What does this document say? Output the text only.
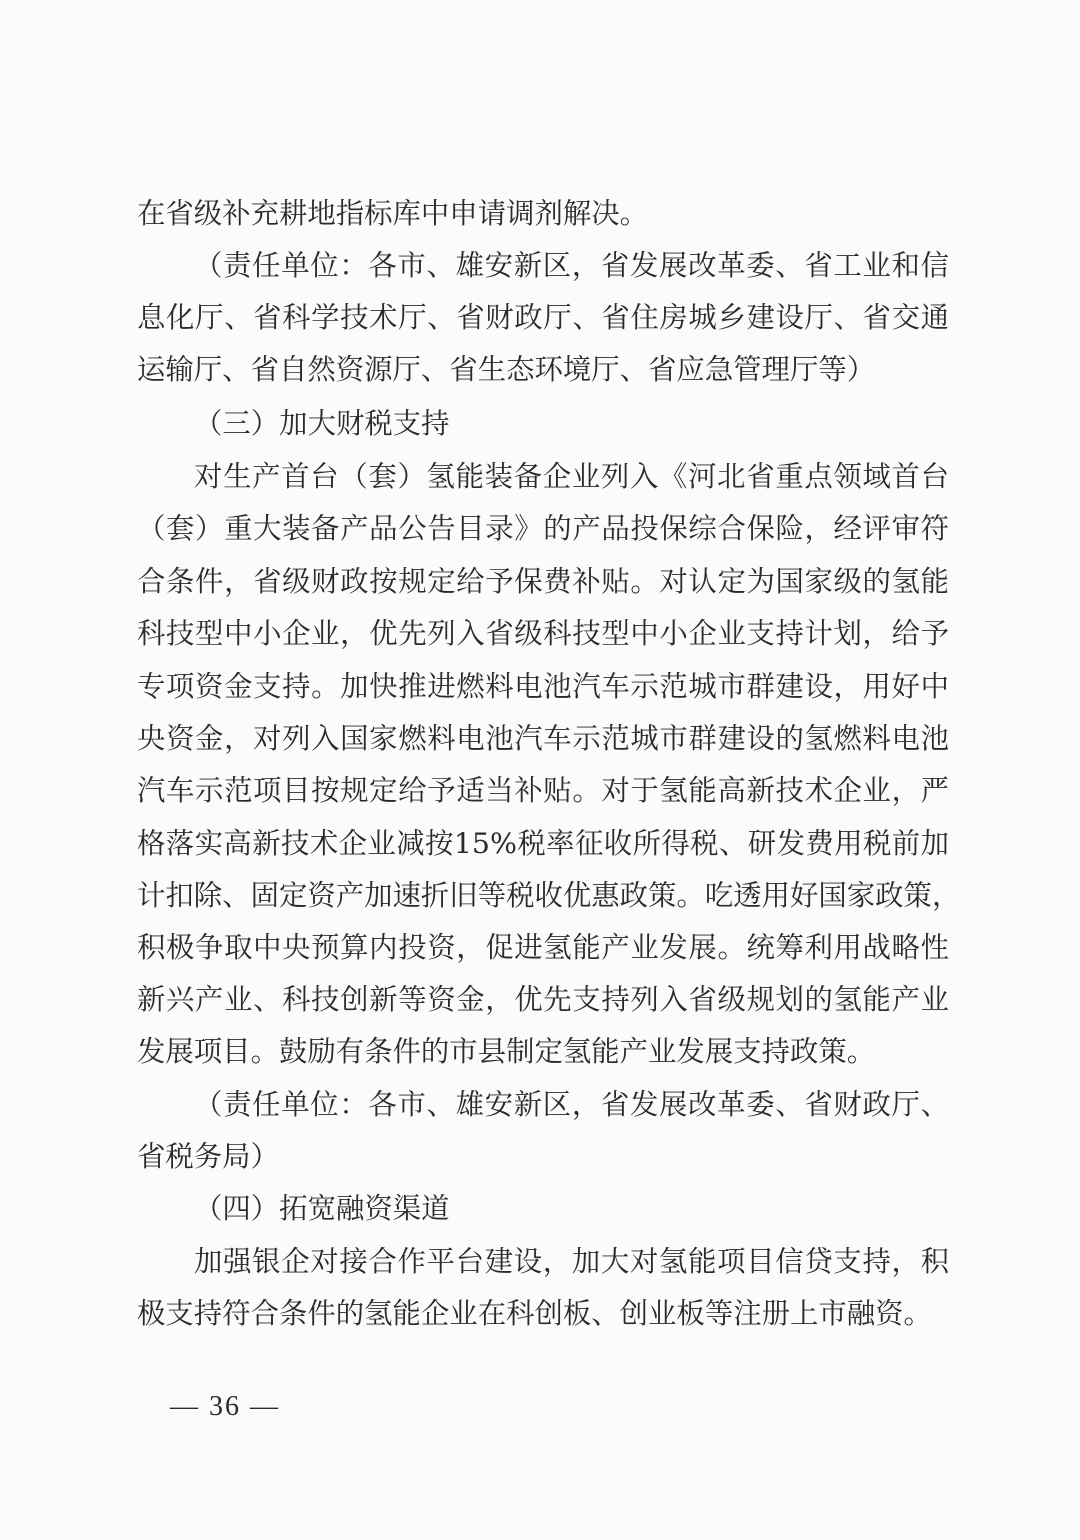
在省级补充耕地指标库中申请调剂解决。
（责任单位：各市、雄安新区，省发展改革委、省工业和信
息化厅、省科学技术厅、省财政厅、省住房城乡建设厅、省交通
运输厅、省自然资源厅、省生态环境厅、省应急管理厅等）
（三）加大财税支持
对生产首台（套）氢能装备企业列入《河北省重点领域首台
（套）重大装备产品公告目录》的产品投保综合保险，经评审符
合条件，省级财政按规定给予保费补贴。对认定为国家级的氢能
科技型中小企业，优先列入省级科技型中小企业支持计划，给予
专项资金支持。加快推进燃料电池汽车示范城市群建设，用好中
央资金，对列入国家燃料电池汽车示范城市群建设的氢燃料电池
汽车示范项目按规定给予适当补贴。对于氢能高新技术企业，严
格落实高新技术企业减按15%税率征收所得税、研发费用税前加
计扣除、固定资产加速折旧等税收优惠政策。吃透用好国家政策，
积极争取中央预算内投资，促进氢能产业发展。统筹利用战略性
新兴产业、科技创新等资金，优先支持列入省级规划的氢能产业
发展项目。鼓励有条件的市县制定氢能产业发展支持政策。
（责任单位：各市、雄安新区，省发展改革委、省财政厅、
省税务局）
（四）拓宽融资渠道
加强银企对接合作平台建设，加大对氢能项目信贷支持，积
极支持符合条件的氢能企业在科创板、创业板等注册上市融资。
— 36 —
